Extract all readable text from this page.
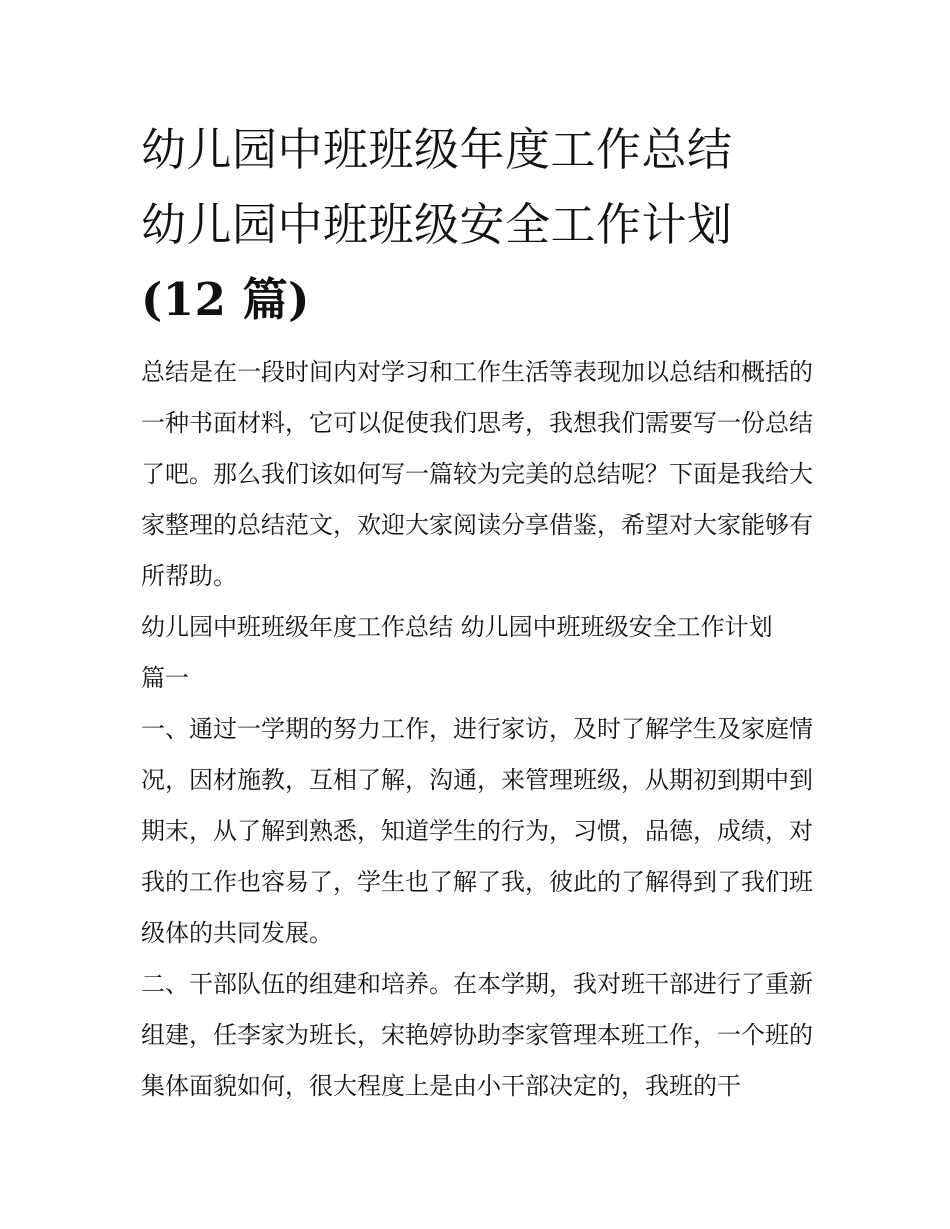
幼儿园中班班级年度工作总结
幼儿园中班班级安全工作计划
(12 篇)

总结是在一段时间内对学习和工作生活等表现加以总结和概括的一种书面材料，它可以促使我们思考，我想我们需要写一份总结了吧。那么我们该如何写一篇较为完美的总结呢？下面是我给大家整理的总结范文，欢迎大家阅读分享借鉴，希望对大家能够有所帮助。

幼儿园中班班级年度工作总结 幼儿园中班班级安全工作计划

篇一

一、通过一学期的努力工作，进行家访，及时了解学生及家庭情况，因材施教，互相了解，沟通，来管理班级，从期初到期中到期末，从了解到熟悉，知道学生的行为，习惯，品德，成绩，对我的工作也容易了，学生也了解了我，彼此的了解得到了我们班级体的共同发展。

二、干部队伍的组建和培养。在本学期，我对班干部进行了重新组建，任李家为班长，宋艳婷协助李家管理本班工作，一个班的集体面貌如何，很大程度上是由小干部决定的，我班的干
